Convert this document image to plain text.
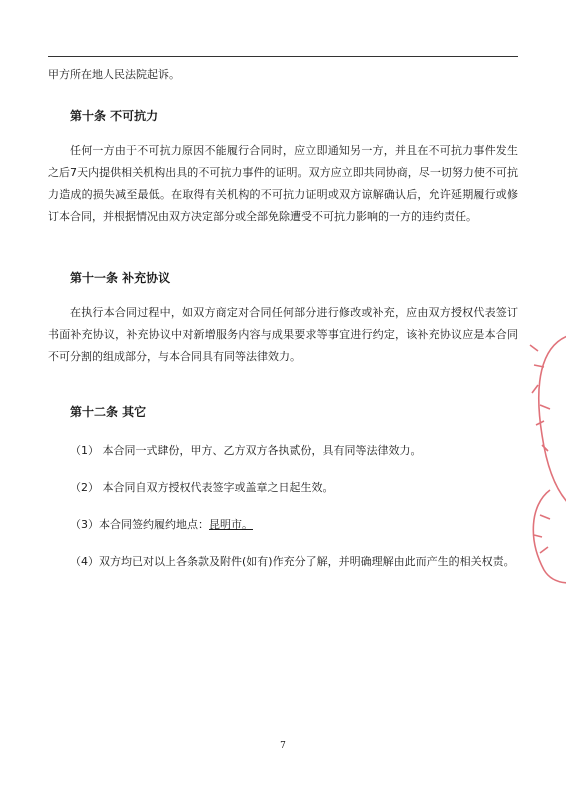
甲方所在地人民法院起诉。

第十条 不可抗力

任何一方由于不可抗力原因不能履行合同时，应立即通知另一方，并且在不可抗力事件发生之后7天内提供相关机构出具的不可抗力事件的证明。双方应立即共同协商，尽一切努力使不可抗力造成的损失减至最低。在取得有关机构的不可抗力证明或双方谅解确认后，允许延期履行或修订本合同，并根据情况由双方决定部分或全部免除遭受不可抗力影响的一方的违约责任。

第十一条 补充协议

在执行本合同过程中，如双方商定对合同任何部分进行修改或补充，应由双方授权代表签订书面补充协议，补充协议中对新增服务内容与成果要求等事宜进行约定，该补充协议应是本合同不可分割的组成部分，与本合同具有同等法律效力。

第十二条 其它

（1） 本合同一式肆份，甲方、乙方双方各执贰份，具有同等法律效力。
（2） 本合同自双方授权代表签字或盖章之日起生效。
（3）本合同签约履约地点：昆明市。
（4）双方均已对以上各条款及附件(如有)作充分了解，并明确理解由此而产生的相关权责。
7
